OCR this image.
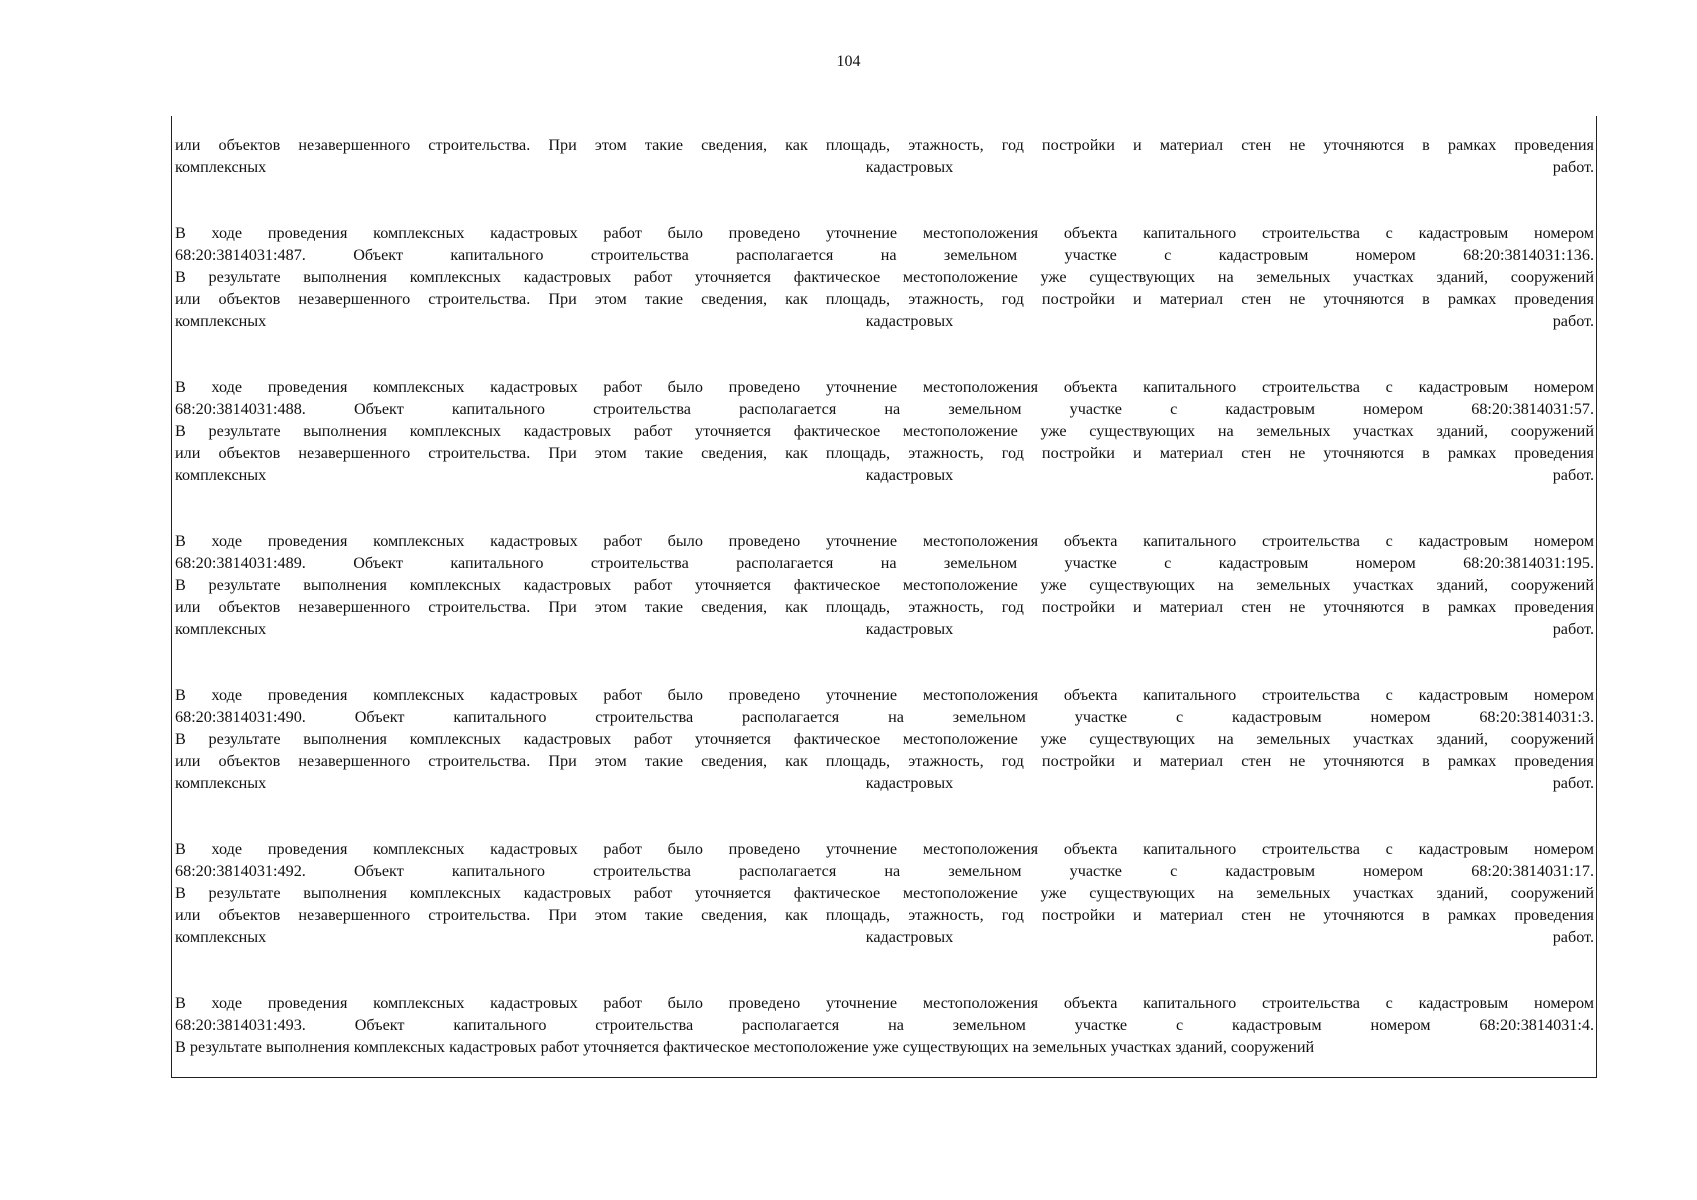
104
или объектов незавершенного строительства. При этом такие сведения, как площадь, этажность, год постройки и материал стен не уточняются в рамках проведения
комплексных кадастровых работ.
В ходе проведения комплексных кадастровых работ было проведено уточнение местоположения объекта капитального строительства с кадастровым номером
68:20:3814031:487. Объект капитального строительства располагается на земельном участке с кадастровым номером 68:20:3814031:136.
В результате выполнения комплексных кадастровых работ уточняется фактическое местоположение уже существующих на земельных участках зданий, сооружений
или объектов незавершенного строительства. При этом такие сведения, как площадь, этажность, год постройки и материал стен не уточняются в рамках проведения
комплексных кадастровых работ.
В ходе проведения комплексных кадастровых работ было проведено уточнение местоположения объекта капитального строительства с кадастровым номером
68:20:3814031:488. Объект капитального строительства располагается на земельном участке с кадастровым номером 68:20:3814031:57.
В результате выполнения комплексных кадастровых работ уточняется фактическое местоположение уже существующих на земельных участках зданий, сооружений
или объектов незавершенного строительства. При этом такие сведения, как площадь, этажность, год постройки и материал стен не уточняются в рамках проведения
комплексных кадастровых работ.
В ходе проведения комплексных кадастровых работ было проведено уточнение местоположения объекта капитального строительства с кадастровым номером
68:20:3814031:489. Объект капитального строительства располагается на земельном участке с кадастровым номером 68:20:3814031:195.
В результате выполнения комплексных кадастровых работ уточняется фактическое местоположение уже существующих на земельных участках зданий, сооружений
или объектов незавершенного строительства. При этом такие сведения, как площадь, этажность, год постройки и материал стен не уточняются в рамках проведения
комплексных кадастровых работ.
В ходе проведения комплексных кадастровых работ было проведено уточнение местоположения объекта капитального строительства с кадастровым номером
68:20:3814031:490. Объект капитального строительства располагается на земельном участке с кадастровым номером 68:20:3814031:3.
В результате выполнения комплексных кадастровых работ уточняется фактическое местоположение уже существующих на земельных участках зданий, сооружений
или объектов незавершенного строительства. При этом такие сведения, как площадь, этажность, год постройки и материал стен не уточняются в рамках проведения
комплексных кадастровых работ.
В ходе проведения комплексных кадастровых работ было проведено уточнение местоположения объекта капитального строительства с кадастровым номером
68:20:3814031:492. Объект капитального строительства располагается на земельном участке с кадастровым номером 68:20:3814031:17.
В результате выполнения комплексных кадастровых работ уточняется фактическое местоположение уже существующих на земельных участках зданий, сооружений
или объектов незавершенного строительства. При этом такие сведения, как площадь, этажность, год постройки и материал стен не уточняются в рамках проведения
комплексных кадастровых работ.
В ходе проведения комплексных кадастровых работ было проведено уточнение местоположения объекта капитального строительства с кадастровым номером
68:20:3814031:493. Объект капитального строительства располагается на земельном участке с кадастровым номером 68:20:3814031:4.
В результате выполнения комплексных кадастровых работ уточняется фактическое местоположение уже существующих на земельных участках зданий, сооружений
